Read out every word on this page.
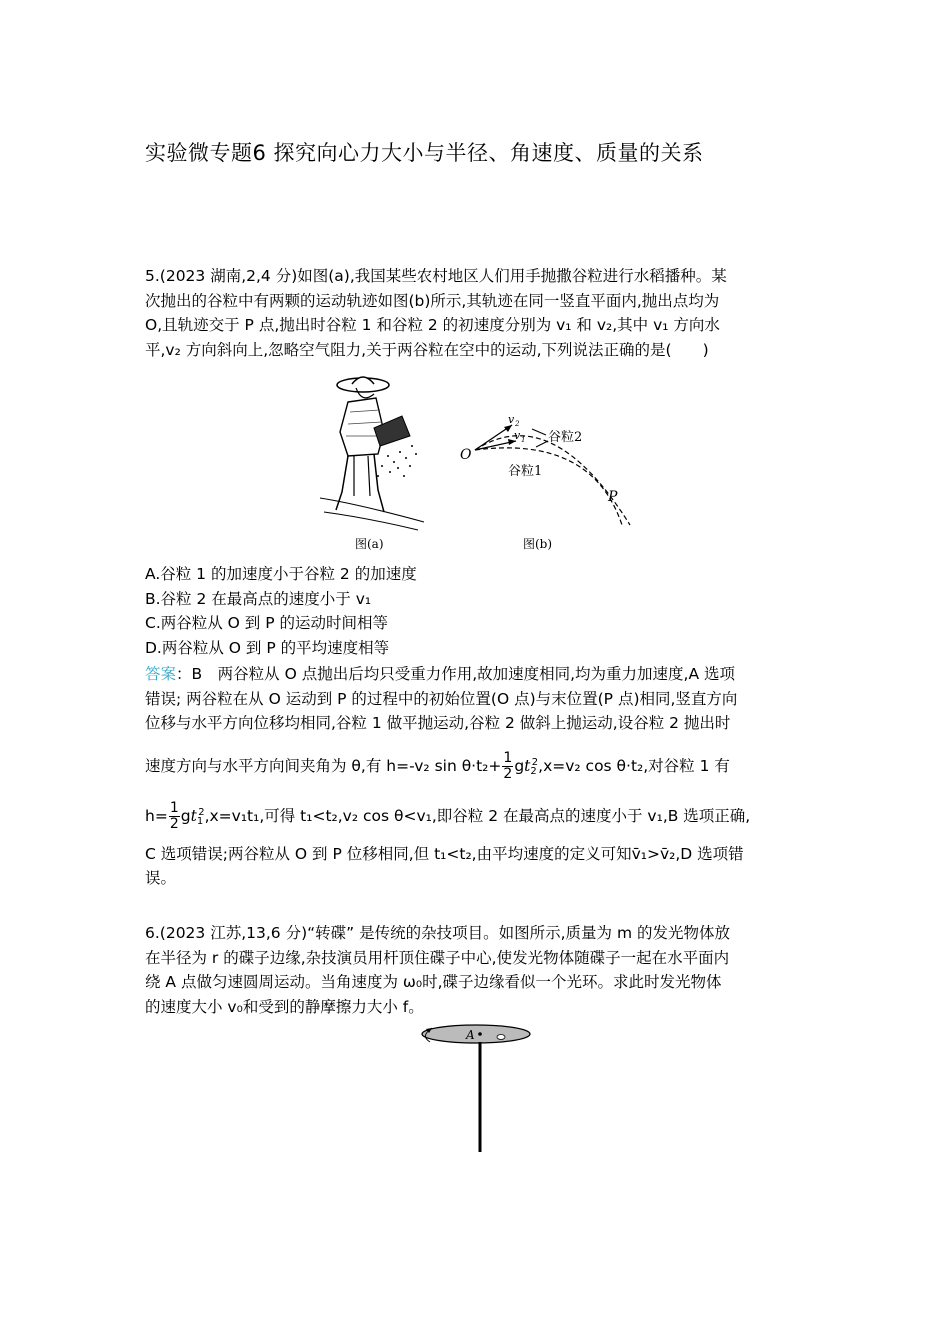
实验微专题6 探究向心力大小与半径、角速度、质量的关系
5.(2023 湖南,2,4 分)如图(a),我国某些农村地区人们用手抛撒谷粒进行水稻播种。某
次抛出的谷粒中有两颗的运动轨迹如图(b)所示,其轨迹在同一竖直平面内,抛出点均为
O,且轨迹交于 P 点,抛出时谷粒 1 和谷粒 2 的初速度分别为 v₁ 和 v₂,其中 v₁ 方向水
平,v₂ 方向斜向上,忽略空气阻力,关于两谷粒在空中的运动,下列说法正确的是(　　)
图(a)
O
P
v 2
v 1 谷粒2
谷粒1
图(b)
A.谷粒 1 的加速度小于谷粒 2 的加速度
B.谷粒 2 在最高点的速度小于 v₁
C.两谷粒从 O 到 P 的运动时间相等
D.两谷粒从 O 到 P 的平均速度相等
答案：B　两谷粒从 O 点抛出后均只受重力作用,故加速度相同,均为重力加速度,A 选项
错误; 两谷粒在从 O 运动到 P 的过程中的初始位置(O 点)与末位置(P 点)相同,竖直方向
位移与水平方向位移均相同,谷粒 1 做平抛运动,谷粒 2 做斜上抛运动,设谷粒 2 抛出时
速度方向与水平方向间夹角为 θ,有 h=-v₂ $\sin \theta\cdot t_2+ \frac{1}{2} gt_2^2,x=v_2$ cos θ·t₂,对谷粒 1 有
$h= \frac{1}{2} gt_1^2,x=v_1t_1$,可得 t₁<t₂,v₂ cos θ<v₁,即谷粒 2 在最高点的速度小于 v₁,B 选项正确,
C 选项错误;两谷粒从 O 到 P 位移相同,但 t₁<t₂,由平均速度的定义可知v̄₁>v̄₂,D 选项错
误。
6.(2023 江苏,13,6 分)“转碟” 是传统的杂技项目。如图所示,质量为 m 的发光物体放
在半径为 r 的碟子边缘,杂技演员用杆顶住碟子中心,使发光物体随碟子一起在水平面内
绕 A 点做匀速圆周运动。当角速度为 ω₀时,碟子边缘看似一个光环。求此时发光物体
的速度大小 v₀和受到的静摩擦力大小 f。
A
